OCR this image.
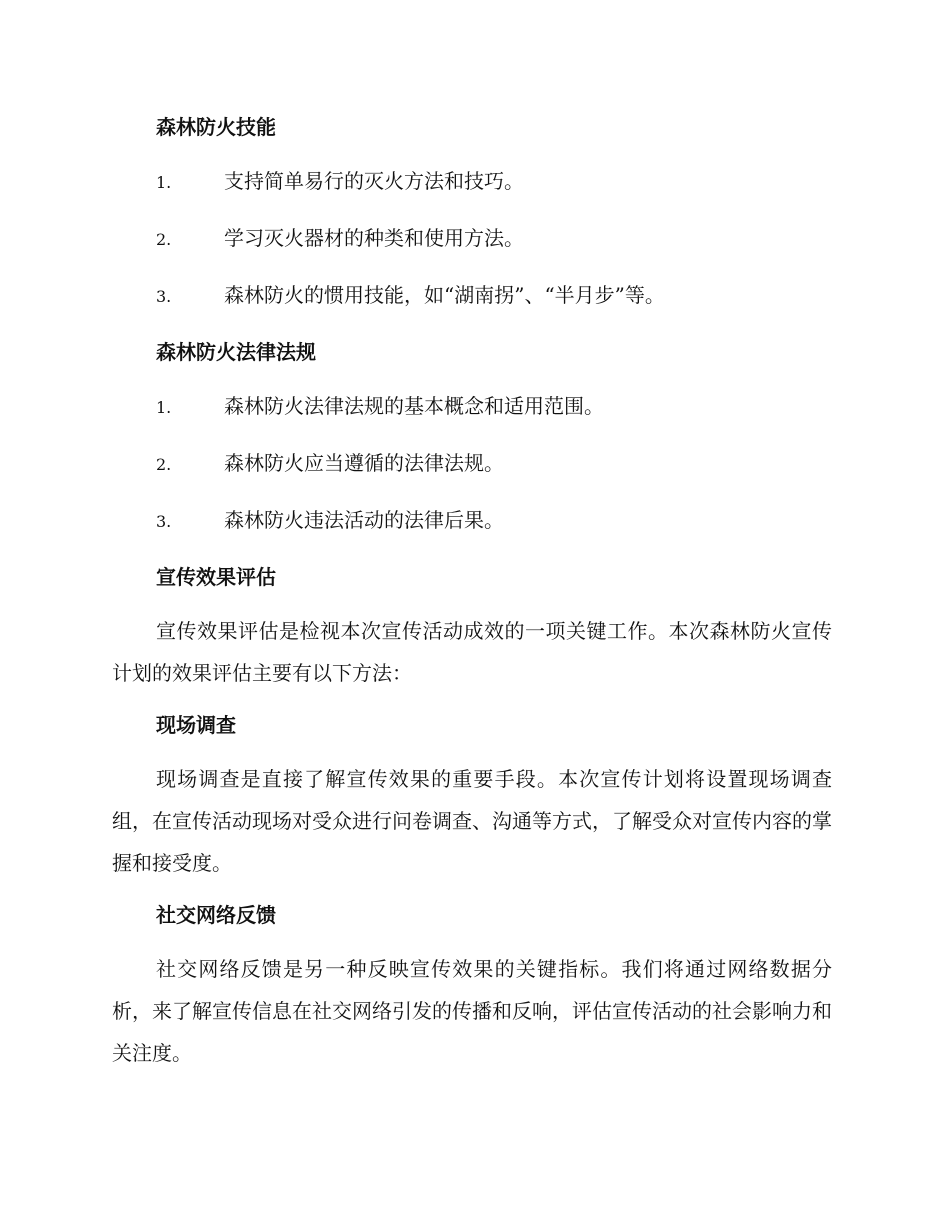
森林防火技能
1.	支持简单易行的灭火方法和技巧。
2.	学习灭火器材的种类和使用方法。
3.	森林防火的惯用技能，如“湖南拐”、“半月步”等。
森林防火法律法规
1.	森林防火法律法规的基本概念和适用范围。
2.	森林防火应当遵循的法律法规。
3.	森林防火违法活动的法律后果。
宣传效果评估

宣传效果评估是检视本次宣传活动成效的一项关键工作。本次森林防火宣传计划的效果评估主要有以下方法：

现场调查

现场调查是直接了解宣传效果的重要手段。本次宣传计划将设置现场调查组，在宣传活动现场对受众进行问卷调查、沟通等方式，了解受众对宣传内容的掌握和接受度。

社交网络反馈

社交网络反馈是另一种反映宣传效果的关键指标。我们将通过网络数据分析，来了解宣传信息在社交网络引发的传播和反响，评估宣传活动的社会影响力和关注度。
